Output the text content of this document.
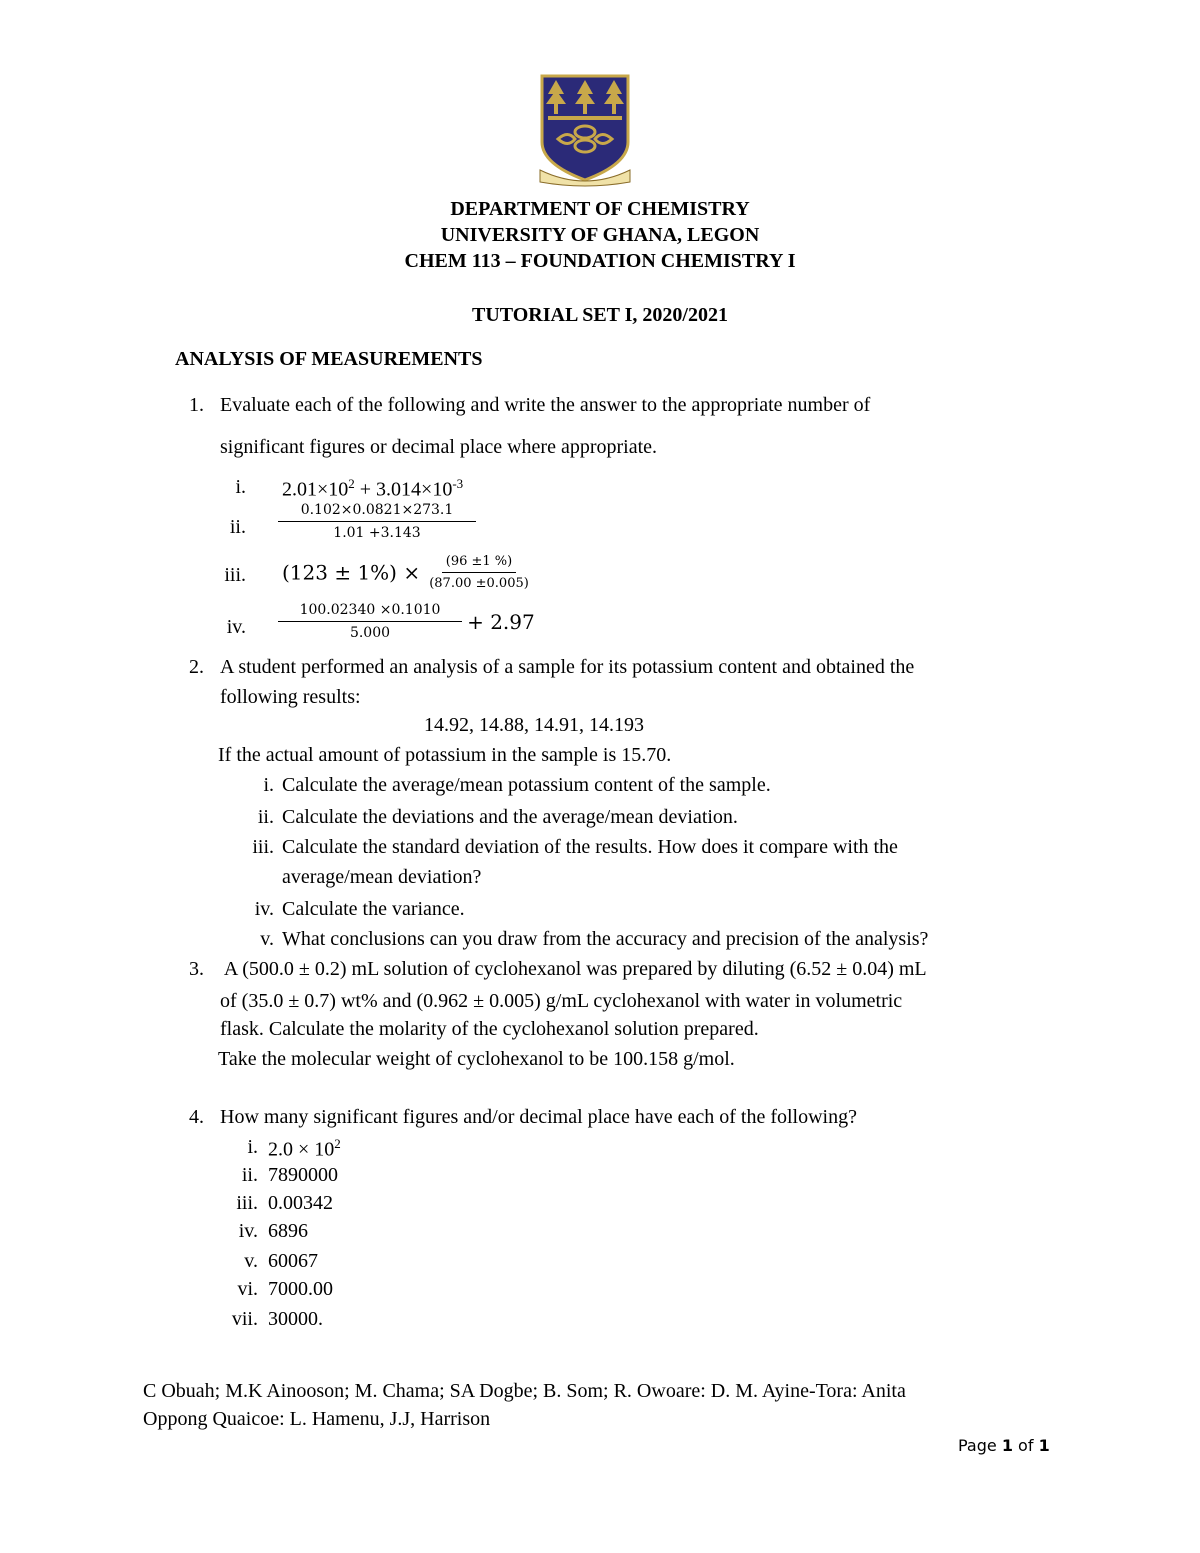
DEPARTMENT OF CHEMISTRY
UNIVERSITY OF GHANA, LEGON
CHEM 113 – FOUNDATION CHEMISTRY I
TUTORIAL SET I, 2020/2021
ANALYSIS OF MEASUREMENTS
1. Evaluate each of the following and write the answer to the appropriate number of
significant figures or decimal place where appropriate.
i. $2.01\times 10^2 + 3.014\times 10^{-3}$
ii.	$\frac{0.102\times 0.0821\times 273.1}{1.01 +3.143}$
iii. $(123 \pm 1\%) \times \frac{(96 \pm 1 \%)}{(87.00 \pm 0.005)}$
iv.	$\frac{100.02340 \times 0.1010}{5.000} + 2.97$
2. A student performed an analysis of a sample for its potassium content and obtained the
following results:
14.92, 14.88, 14.91, 14.193
If the actual amount of potassium in the sample is 15.70.
i. Calculate the average/mean potassium content of the sample.
ii. Calculate the deviations and the average/mean deviation.
iii. Calculate the standard deviation of the results. How does it compare with the
average/mean deviation?
iv. Calculate the variance.
v. What conclusions can you draw from the accuracy and precision of the analysis?
3. A (500.0 ± 0.2) mL solution of cyclohexanol was prepared by diluting (6.52 ± 0.04) mL
of (35.0 ± 0.7) wt% and (0.962 ± 0.005) g/mL cyclohexanol with water in volumetric
flask. Calculate the molarity of the cyclohexanol solution prepared.
Take the molecular weight of cyclohexanol to be 100.158 g/mol.
4. How many significant figures and/or decimal place have each of the following?
i. $2.0 \times 10^2$
ii. 7890000
iii. 0.00342
iv. 6896
v. 60067
vi. 7000.00
vii. 30000.
C Obuah; M.K Ainooson; M. Chama; SA Dogbe; B. Som; R. Owoare: D. M. Ayine-Tora: Anita
Oppong Quaicoe: L. Hamenu, J.J, Harrison
Page 1 of 1
